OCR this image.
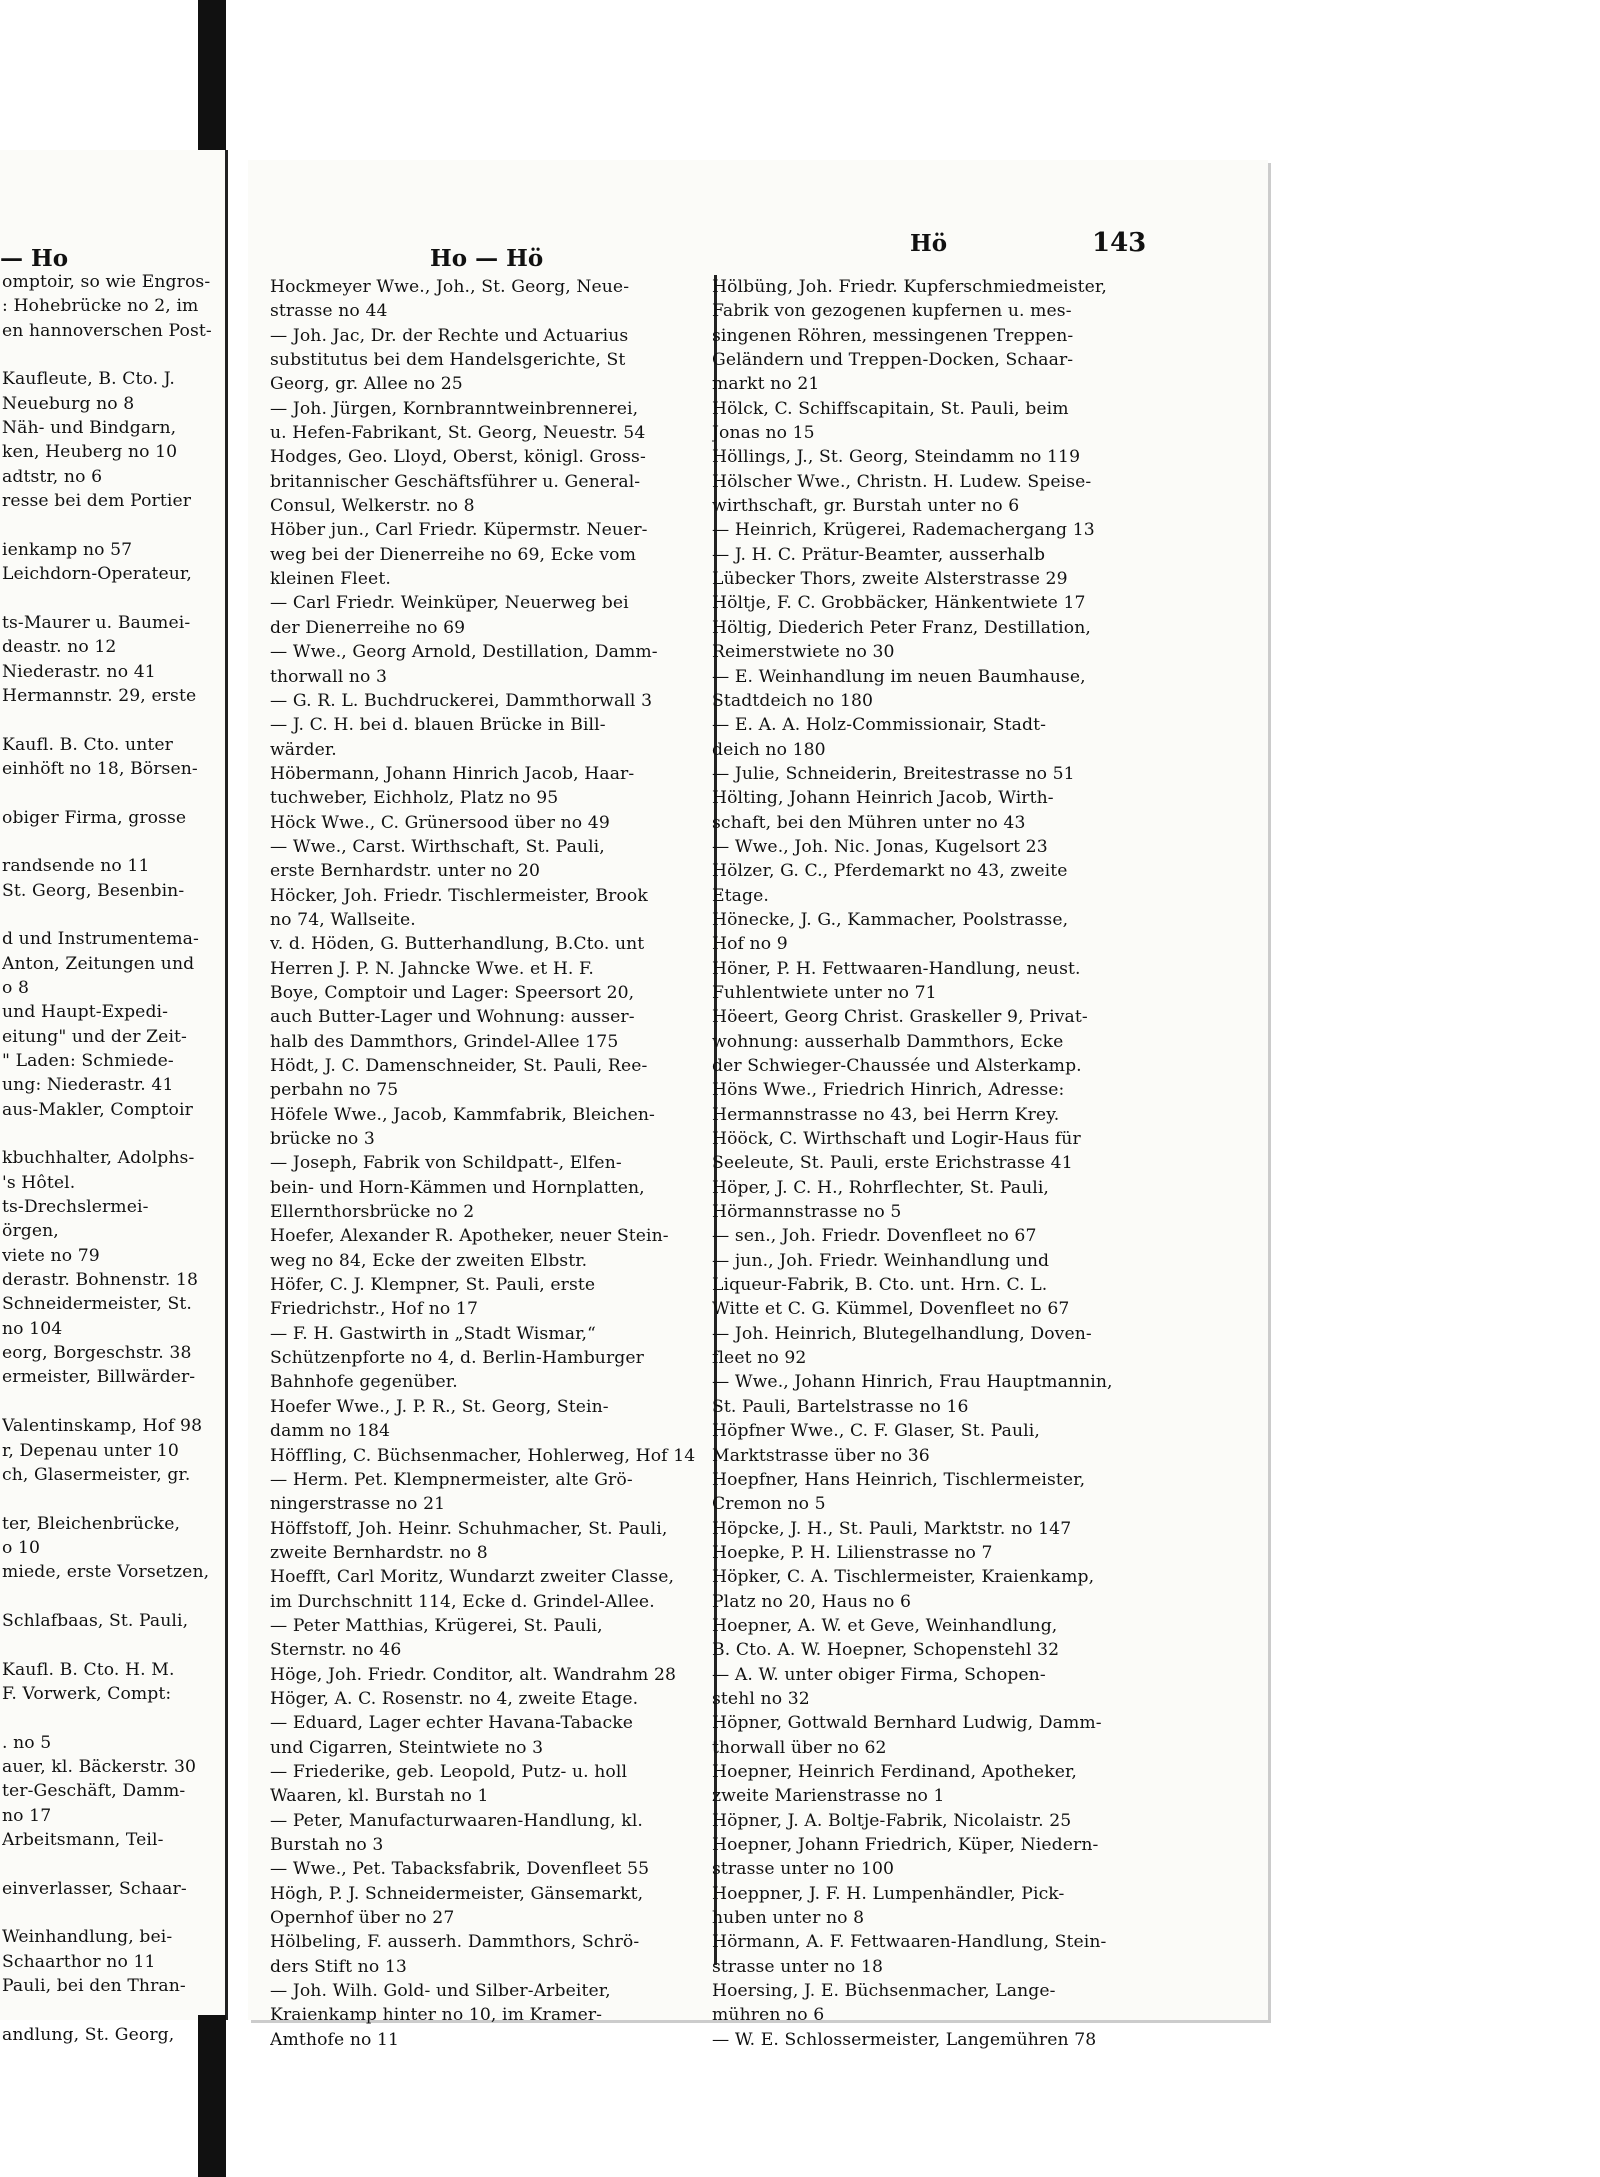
— Ho	Ho — Hö
Hö	143
omptoir, so wie Engros-
: Hohebrücke no 2, im
en hannoverschen Post-
Kaufleute, B. Cto. J.
Neueburg no 8
Näh- und Bindgarn,
ken, Heuberg no 10
adtstr, no 6
resse bei dem Portier
ienkamp no 57
Leichdorn-Operateur,
ts-Maurer u. Baumei-
deastr. no 12
Niederastr. no 41
Hermannstr. 29, erste
Kaufl. B. Cto. unter
einhöft no 18, Börsen-
obiger Firma, grosse
randsende no 11
St. Georg, Besenbin-
d und Instrumentema-
Anton, Zeitungen und
o 8
und Haupt-Expedi-
eitung" und der Zeit-
" Laden: Schmiede-
ung: Niederastr. 41
aus-Makler, Comptoir
kbuchhalter, Adolphs-
's Hôtel.
ts-Drechslermei-
örgen,
viete no 79
derastr. Bohnenstr. 18
Schneidermeister, St.
no 104
eorg, Borgeschstr. 38
ermeister, Billwärder-
Valentinskamp, Hof 98
r, Depenau unter 10
ch, Glasermeister, gr.
ter, Bleichenbrücke,
o 10
miede, erste Vorsetzen,
Schlafbaas, St. Pauli,
Kaufl. B. Cto. H. M.
F. Vorwerk, Compt:
. no 5
auer, kl. Bäckerstr. 30
ter-Geschäft, Damm-
no 17
Arbeitsmann, Teil-
einverlasser, Schaar-
Weinhandlung, bei-
Schaarthor no 11
Pauli, bei den Thran-
andlung, St. Georg,
Hockmeyer Wwe., Joh., St. Georg, Neue-
strasse no 44
— Joh. Jac, Dr. der Rechte und Actuarius
substitutus bei dem Handelsgerichte, St
Georg, gr. Allee no 25
— Joh. Jürgen, Kornbranntweinbrennerei,
u. Hefen-Fabrikant, St. Georg, Neuestr. 54
Hodges, Geo. Lloyd, Oberst, königl. Gross-
britannischer Geschäftsführer u. General-
Consul, Welkerstr. no 8
Höber jun., Carl Friedr. Küpermstr. Neuer-
weg bei der Dienerreihe no 69, Ecke vom
kleinen Fleet.
— Carl Friedr. Weinküper, Neuerweg bei
der Dienerreihe no 69
— Wwe., Georg Arnold, Destillation, Damm-
thorwall no 3
— G. R. L. Buchdruckerei, Dammthorwall 3
— J. C. H. bei d. blauen Brücke in Bill-
wärder.
Höbermann, Johann Hinrich Jacob, Haar-
tuchweber, Eichholz, Platz no 95
Höck Wwe., C. Grünersood über no 49
— Wwe., Carst. Wirthschaft, St. Pauli,
erste Bernhardstr. unter no 20
Höcker, Joh. Friedr. Tischlermeister, Brook
no 74, Wallseite.
v. d. Höden, G. Butterhandlung, B.Cto. unt
Herren J. P. N. Jahncke Wwe. et H. F.
Boye, Comptoir und Lager: Speersort 20,
auch Butter-Lager und Wohnung: ausser-
halb des Dammthors, Grindel-Allee 175
Hödt, J. C. Damenschneider, St. Pauli, Ree-
perbahn no 75
Höfele Wwe., Jacob, Kammfabrik, Bleichen-
brücke no 3
— Joseph, Fabrik von Schildpatt-, Elfen-
bein- und Horn-Kämmen und Hornplatten,
Ellernthorsbrücke no 2
Hoefer, Alexander R. Apotheker, neuer Stein-
weg no 84, Ecke der zweiten Elbstr.
Höfer, C. J. Klempner, St. Pauli, erste
Friedrichstr., Hof no 17
— F. H. Gastwirth in „Stadt Wismar,“
Schützenpforte no 4, d. Berlin-Hamburger
Bahnhofe gegenüber.
Hoefer Wwe., J. P. R., St. Georg, Stein-
damm no 184
Höffling, C. Büchsenmacher, Hohlerweg, Hof 14
— Herm. Pet. Klempnermeister, alte Grö-
ningerstrasse no 21
Höffstoff, Joh. Heinr. Schuhmacher, St. Pauli,
zweite Bernhardstr. no 8
Hoefft, Carl Moritz, Wundarzt zweiter Classe,
im Durchschnitt 114, Ecke d. Grindel-Allee.
— Peter Matthias, Krügerei, St. Pauli,
Sternstr. no 46
Höge, Joh. Friedr. Conditor, alt. Wandrahm 28
Höger, A. C. Rosenstr. no 4, zweite Etage.
— Eduard, Lager echter Havana-Tabacke
und Cigarren, Steintwiete no 3
— Friederike, geb. Leopold, Putz- u. holl
Waaren, kl. Burstah no 1
— Peter, Manufacturwaaren-Handlung, kl.
Burstah no 3
— Wwe., Pet. Tabacksfabrik, Dovenfleet 55
Högh, P. J. Schneidermeister, Gänsemarkt,
Opernhof über no 27
Hölbeling, F. ausserh. Dammthors, Schrö-
ders Stift no 13
— Joh. Wilh. Gold- und Silber-Arbeiter,
Kraienkamp hinter no 10, im Kramer-
Amthofe no 11
Hölbüng, Joh. Friedr. Kupferschmiedmeister,
Fabrik von gezogenen kupfernen u. mes-
singenen Röhren, messingenen Treppen-
Geländern und Treppen-Docken, Schaar-
markt no 21
Hölck, C. Schiffscapitain, St. Pauli, beim
Jonas no 15
Höllings, J., St. Georg, Steindamm no 119
Hölscher Wwe., Christn. H. Ludew. Speise-
wirthschaft, gr. Burstah unter no 6
— Heinrich, Krügerei, Rademachergang 13
— J. H. C. Prätur-Beamter, ausserhalb
Lübecker Thors, zweite Alsterstrasse 29
Höltje, F. C. Grobbäcker, Hänkentwiete 17
Höltig, Diederich Peter Franz, Destillation,
Reimerstwiete no 30
— E. Weinhandlung im neuen Baumhause,
Stadtdeich no 180
— E. A. A. Holz-Commissionair, Stadt-
deich no 180
— Julie, Schneiderin, Breitestrasse no 51
Hölting, Johann Heinrich Jacob, Wirth-
schaft, bei den Mühren unter no 43
— Wwe., Joh. Nic. Jonas, Kugelsort 23
Hölzer, G. C., Pferdemarkt no 43, zweite
Etage.
Hönecke, J. G., Kammacher, Poolstrasse,
Hof no 9
Höner, P. H. Fettwaaren-Handlung, neust.
Fuhlentwiete unter no 71
Höeert, Georg Christ. Graskeller 9, Privat-
wohnung: ausserhalb Dammthors, Ecke
der Schwieger-Chaussée und Alsterkamp.
Höns Wwe., Friedrich Hinrich, Adresse:
Hermannstrasse no 43, bei Herrn Krey.
Hööck, C. Wirthschaft und Logir-Haus für
Seeleute, St. Pauli, erste Erichstrasse 41
Höper, J. C. H., Rohrflechter, St. Pauli,
Hörmannstrasse no 5
— sen., Joh. Friedr. Dovenfleet no 67
— jun., Joh. Friedr. Weinhandlung und
Liqueur-Fabrik, B. Cto. unt. Hrn. C. L.
Witte et C. G. Kümmel, Dovenfleet no 67
— Joh. Heinrich, Blutegelhandlung, Doven-
fleet no 92
— Wwe., Johann Hinrich, Frau Hauptmannin,
St. Pauli, Bartelstrasse no 16
Höpfner Wwe., C. F. Glaser, St. Pauli,
Marktstrasse über no 36
Hoepfner, Hans Heinrich, Tischlermeister,
Cremon no 5
Höpcke, J. H., St. Pauli, Marktstr. no 147
Hoepke, P. H. Lilienstrasse no 7
Höpker, C. A. Tischlermeister, Kraienkamp,
Platz no 20, Haus no 6
Hoepner, A. W. et Geve, Weinhandlung,
B. Cto. A. W. Hoepner, Schopenstehl 32
— A. W. unter obiger Firma, Schopen-
stehl no 32
Höpner, Gottwald Bernhard Ludwig, Damm-
thorwall über no 62
Hoepner, Heinrich Ferdinand, Apotheker,
zweite Marienstrasse no 1
Höpner, J. A. Boltje-Fabrik, Nicolaistr. 25
Hoepner, Johann Friedrich, Küper, Niedern-
strasse unter no 100
Hoeppner, J. F. H. Lumpenhändler, Pick-
huben unter no 8
Hörmann, A. F. Fettwaaren-Handlung, Stein-
strasse unter no 18
Hoersing, J. E. Büchsenmacher, Lange-
mühren no 6
— W. E. Schlossermeister, Langemühren 78
